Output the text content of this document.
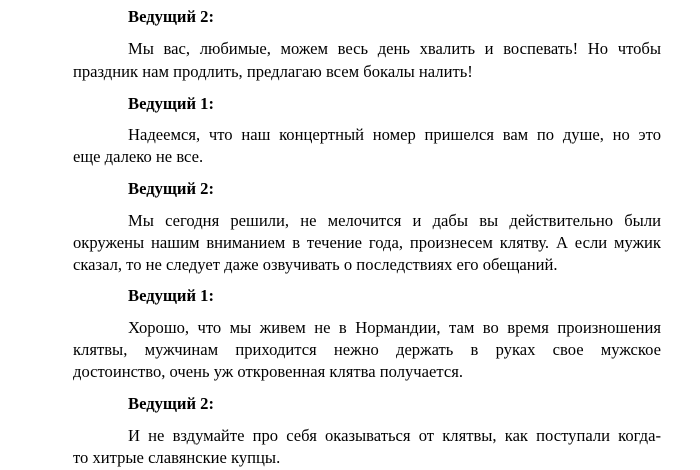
Ведущий 2:
Мы вас, любимые, можем весь день хвалить и воспевать! Но чтобы
праздник нам продлить, предлагаю всем бокалы налить!
Ведущий 1:
Надеемся, что наш концертный номер пришелся вам по душе, но это
еще далеко не все.
Ведущий 2:
Мы сегодня решили, не мелочится и дабы вы действительно были
окружены нашим вниманием в течение года, произнесем клятву. А если мужик
сказал, то не следует даже озвучивать о последствиях его обещаний.
Ведущий 1:
Хорошо, что мы живем не в Нормандии, там во время произношения
клятвы, мужчинам приходится нежно держать в руках свое мужское
достоинство, очень уж откровенная клятва получается.
Ведущий 2:
И не вздумайте про себя оказываться от клятвы, как поступали когда-
то хитрые славянские купцы.
